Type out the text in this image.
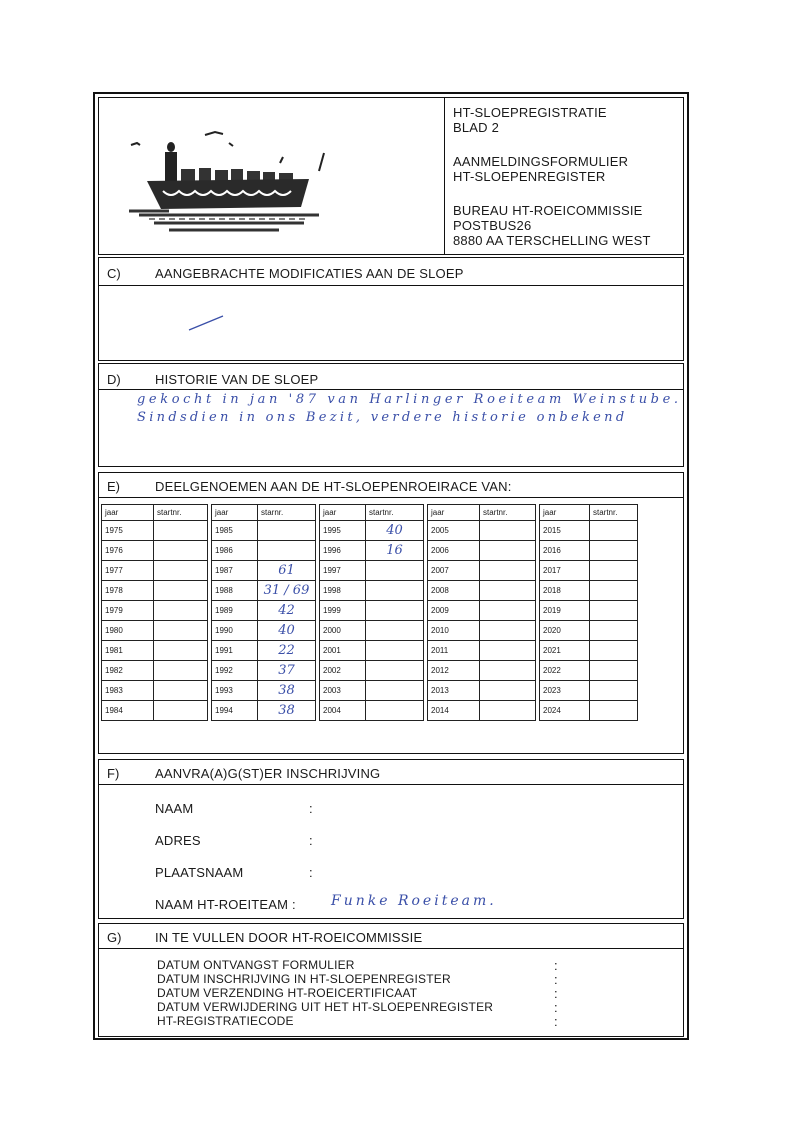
HT-SLOEPREGISTRATIE
BLAD 2
AANMELDINGSFORMULIER
HT-SLOEPENREGISTER
BUREAU HT-ROEICOMMISSIE
POSTBUS26
8880 AA TERSCHELLING WEST
C)	AANGEBRACHTE MODIFICATIES AAN DE SLOEP
D)	HISTORIE VAN DE SLOEP
gekocht in jan '87 van Harlinger Roeiteam Weinstube.
Sindsdien in ons Bezit, verdere historie onbekend
E)	DEELGENOEMEN AAN DE HT-SLOEPENROEIRACE VAN:
jaar	startnr.		jaar	starnr.		jaar	startnr.		jaar	startnr.		jaar	startnr.
1975			1985			1995	40		2005			2015	
1976			1986			1996	16		2006			2016	
1977			1987	61		1997			2007			2017	
1978			1988	31 / 69		1998			2008			2018	
1979			1989	42		1999			2009			2019	
1980			1990	40		2000			2010			2020	
1981			1991	22		2001			2011			2021	
1982			1992	37		2002			2012			2022	
1983			1993	38		2003			2013			2023	
1984			1994	38		2004			2014			2024	
F)	AANVRA(A)G(ST)ER INSCHRIJVING
NAAM	:
ADRES	:
PLAATSNAAM	:
NAAM HT-ROEITEAM :	Funke Roeiteam.
G)	IN TE VULLEN DOOR HT-ROEICOMMISSIE
DATUM ONTVANGST FORMULIER	:
DATUM INSCHRIJVING IN HT-SLOEPENREGISTER	:
DATUM VERZENDING HT-ROEICERTIFICAAT	:
DATUM VERWIJDERING UIT HET HT-SLOEPENREGISTER	:
HT-REGISTRATIECODE	:
